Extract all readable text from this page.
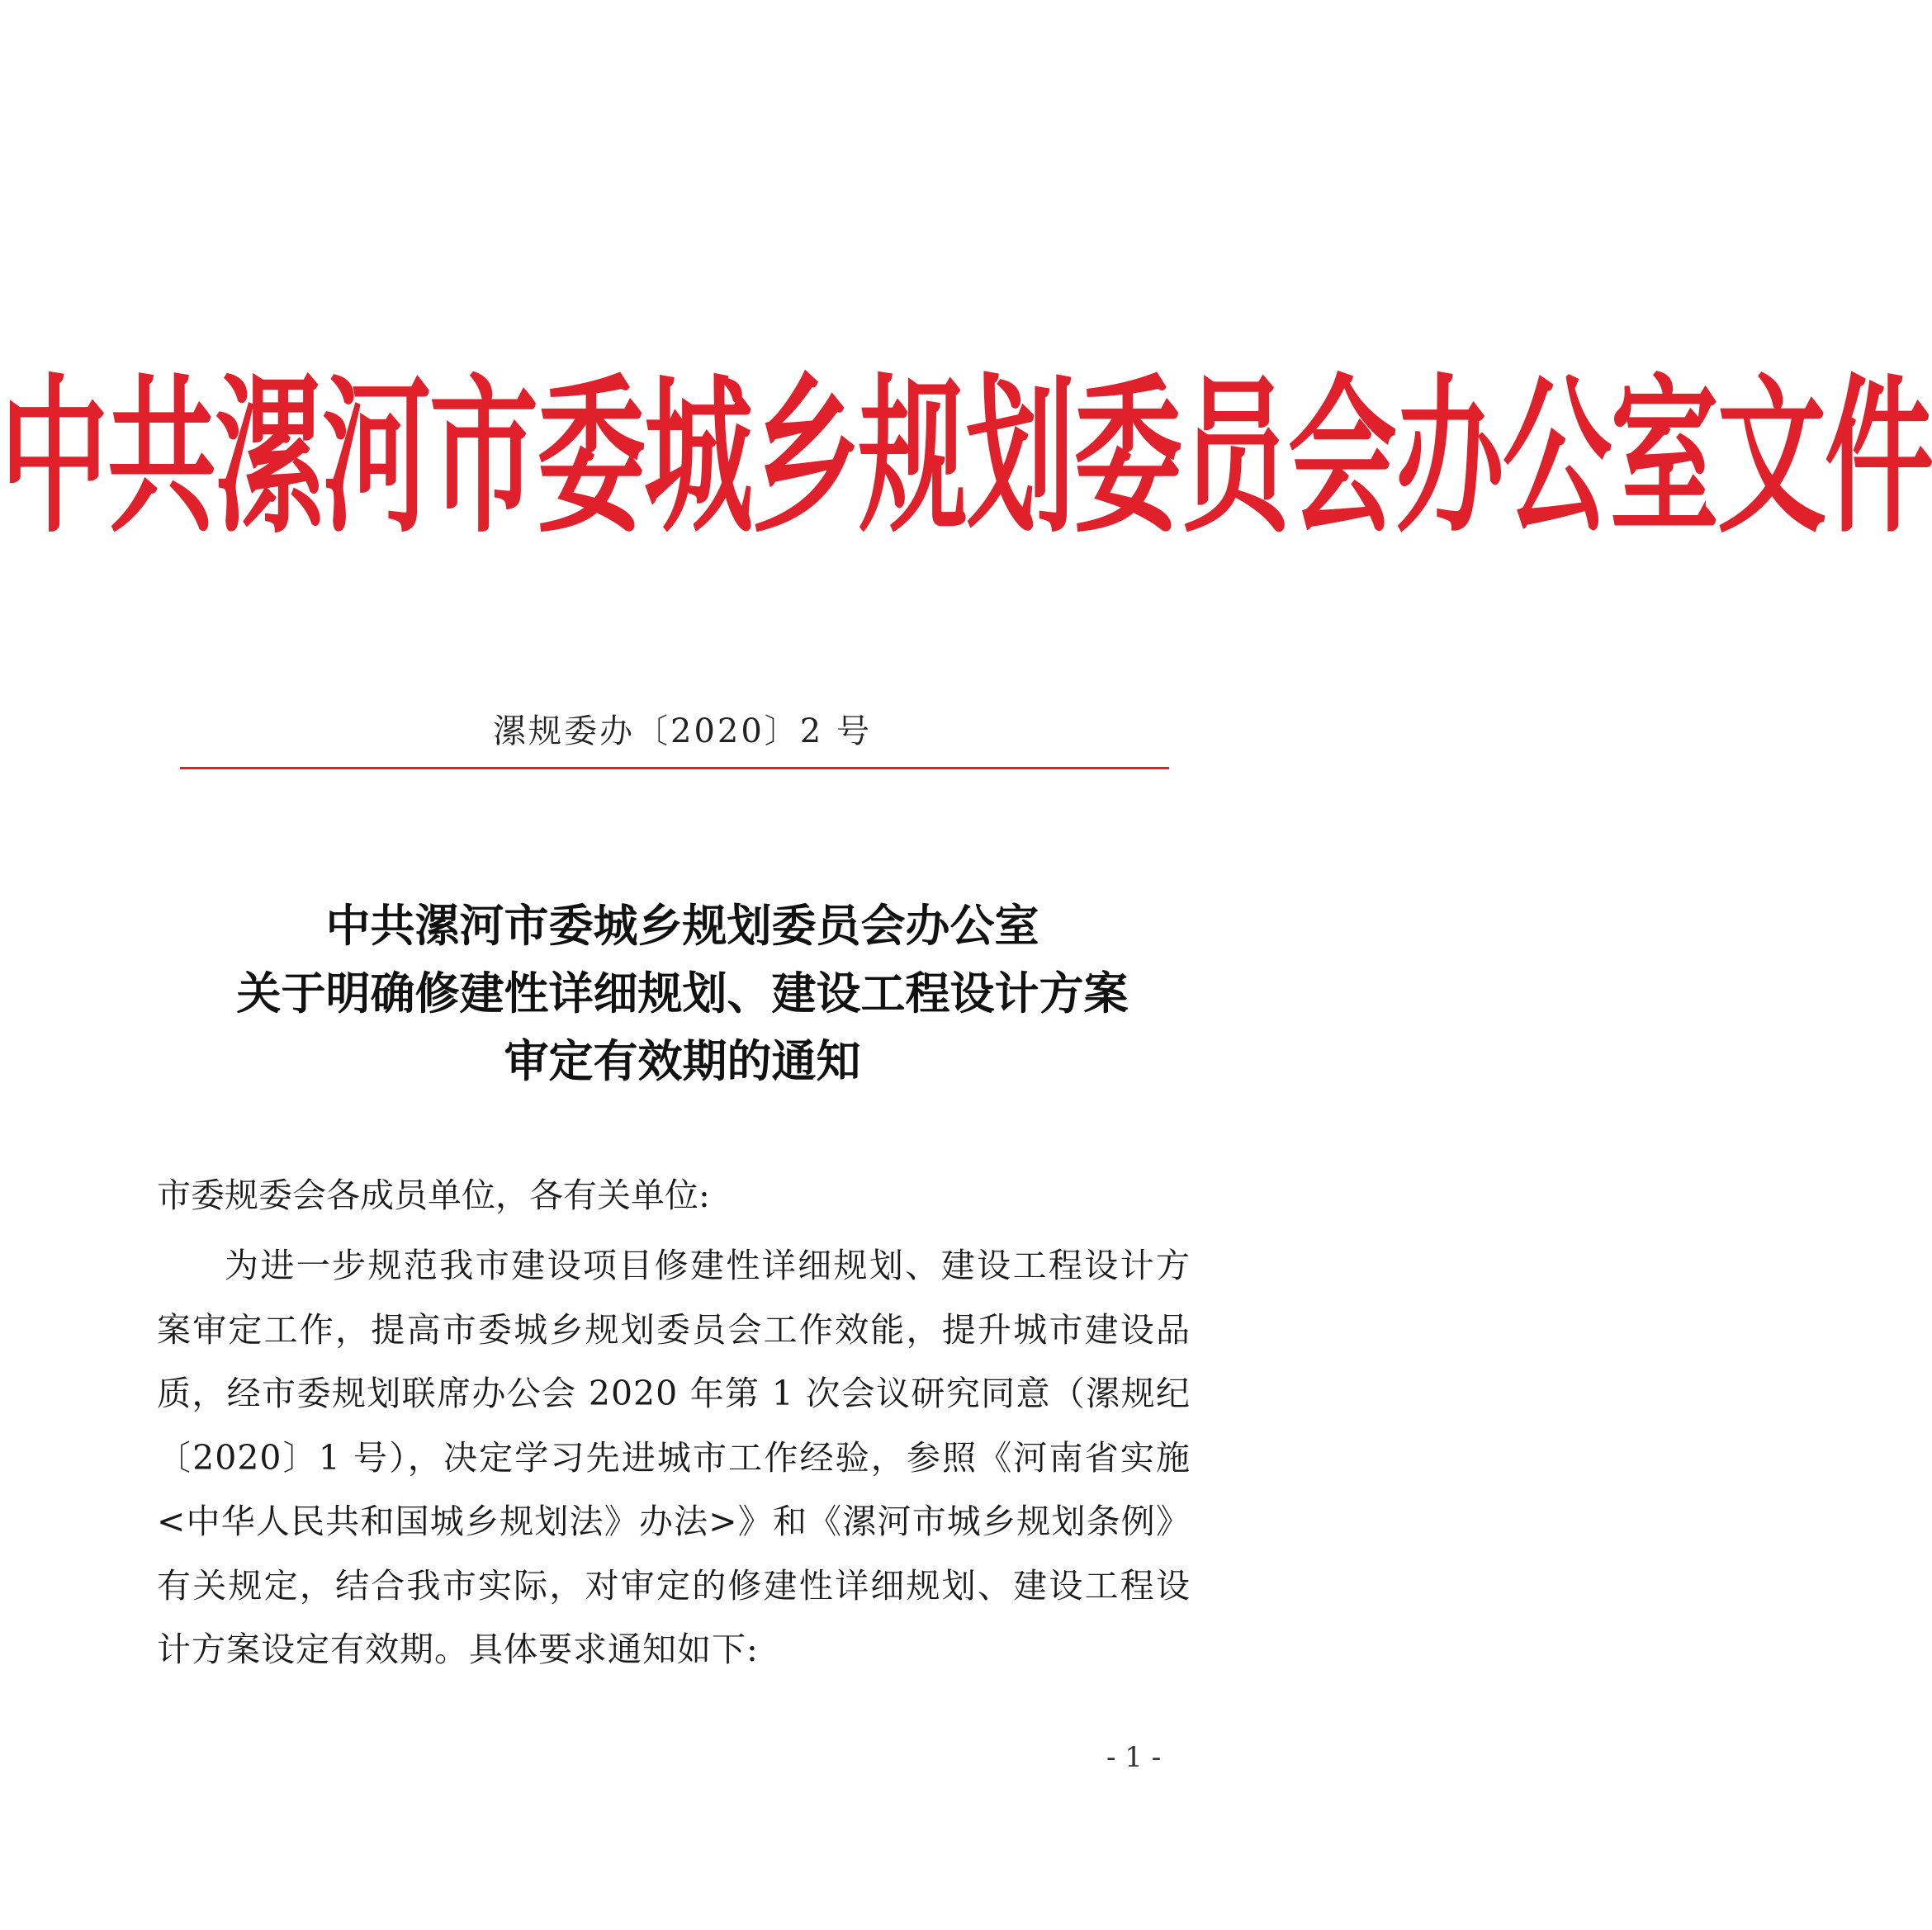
中共漯河市委城乡规划委员会办公室文件
漯规委办〔2020〕2 号
中共漯河市委城乡规划委员会办公室
关于明确修建性详细规划、建设工程设计方案
审定有效期的通知
市委规委会各成员单位，各有关单位:
为进一步规范我市建设项目修建性详细规划、建设工程设计方案审定工作，提高市委城乡规划委员会工作效能，提升城市建设品质，经市委规划联席办公会 2020 年第 1 次会议研究同意（漯规纪〔2020〕1 号），决定学习先进城市工作经验，参照《河南省实施<中华人民共和国城乡规划法》办法>》和《漯河市城乡规划条例》有关规定，结合我市实际，对审定的修建性详细规划、建设工程设计方案设定有效期。具体要求通知如下:
- 1 -
